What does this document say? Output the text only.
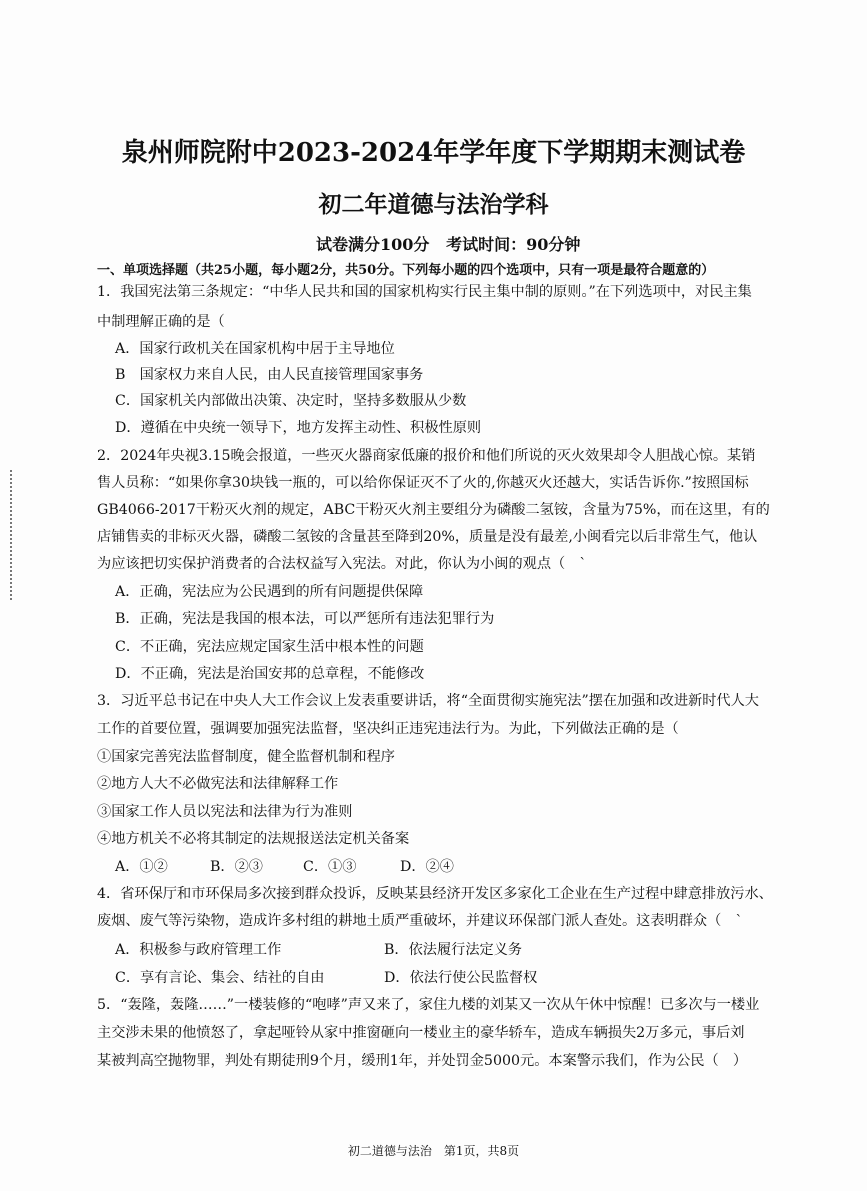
泉州师院附中2023-2024年学年度下学期期末测试卷
初二年道德与法治学科
试卷满分100分   考试时间：90分钟
一、单项选择题（共25小题，每小题2分，共50分。下列每小题的四个选项中，只有一项是最符合题意的）
1．我国宪法第三条规定：“中华人民共和国的国家机构实行民主集中制的原则。”在下列选项中，对民主集
中制理解正确的是（
A．国家行政机关在国家机构中居于主导地位
B　国家权力来自人民，由人民直接管理国家事务
C．国家机关内部做出决策、决定时，坚持多数服从少数
D．遵循在中央统一领导下，地方发挥主动性、积极性原则
2．2024年央视3.15晚会报道，一些灭火器商家低廉的报价和他们所说的灭火效果却令人胆战心惊。某销
售人员称：“如果你拿30块钱一瓶的，可以给你保证灭不了火的,你越灭火还越大，实话告诉你.”按照国标
GB4066-2017干粉灭火剂的规定，ABC干粉灭火剂主要组分为磷酸二氢铵，含量为75%，而在这里，有的
店铺售卖的非标灭火器，磷酸二氢铵的含量甚至降到20%，质量是没有最差,小闽看完以后非常生气，他认
为应该把切实保护消费者的合法权益写入宪法。对此，你认为小闽的观点（　`
A．正确，宪法应为公民遇到的所有问题提供保障
B．正确，宪法是我国的根本法，可以严惩所有违法犯罪行为
C．不正确，宪法应规定国家生活中根本性的问题
D．不正确，宪法是治国安邦的总章程，不能修改
3．习近平总书记在中央人大工作会议上发表重要讲话，将“全面贯彻实施宪法”摆在加强和改进新时代人大
工作的首要位置，强调要加强宪法监督，坚决纠正违宪违法行为。为此，下列做法正确的是（
①国家完善宪法监督制度，健全监督机制和程序
②地方人大不必做宪法和法律解释工作
③国家工作人员以宪法和法律为行为准则
④地方机关不必将其制定的法规报送法定机关备案
A．①②	B．②③	C．①③	D．②④
4．省环保厅和市环保局多次接到群众投诉，反映某县经济开发区多家化工企业在生产过程中肆意排放污水、
废烟、废气等污染物，造成许多村组的耕地土质严重破坏，并建议环保部门派人查处。这表明群众（　`
A．积极参与政府管理工作	B．依法履行法定义务
C．享有言论、集会、结社的自由	D．依法行使公民监督权
5．“轰隆，轰隆……”一楼装修的“咆哮”声又来了，家住九楼的刘某又一次从午休中惊醒！已多次与一楼业
主交涉未果的他愤怒了，拿起哑铃从家中推窗砸向一楼业主的豪华轿车，造成车辆损失2万多元，事后刘
某被判高空抛物罪，判处有期徒刑9个月，缓刑1年，并处罚金5000元。本案警示我们，作为公民（　）
初二道德与法治　第1页，共8页
